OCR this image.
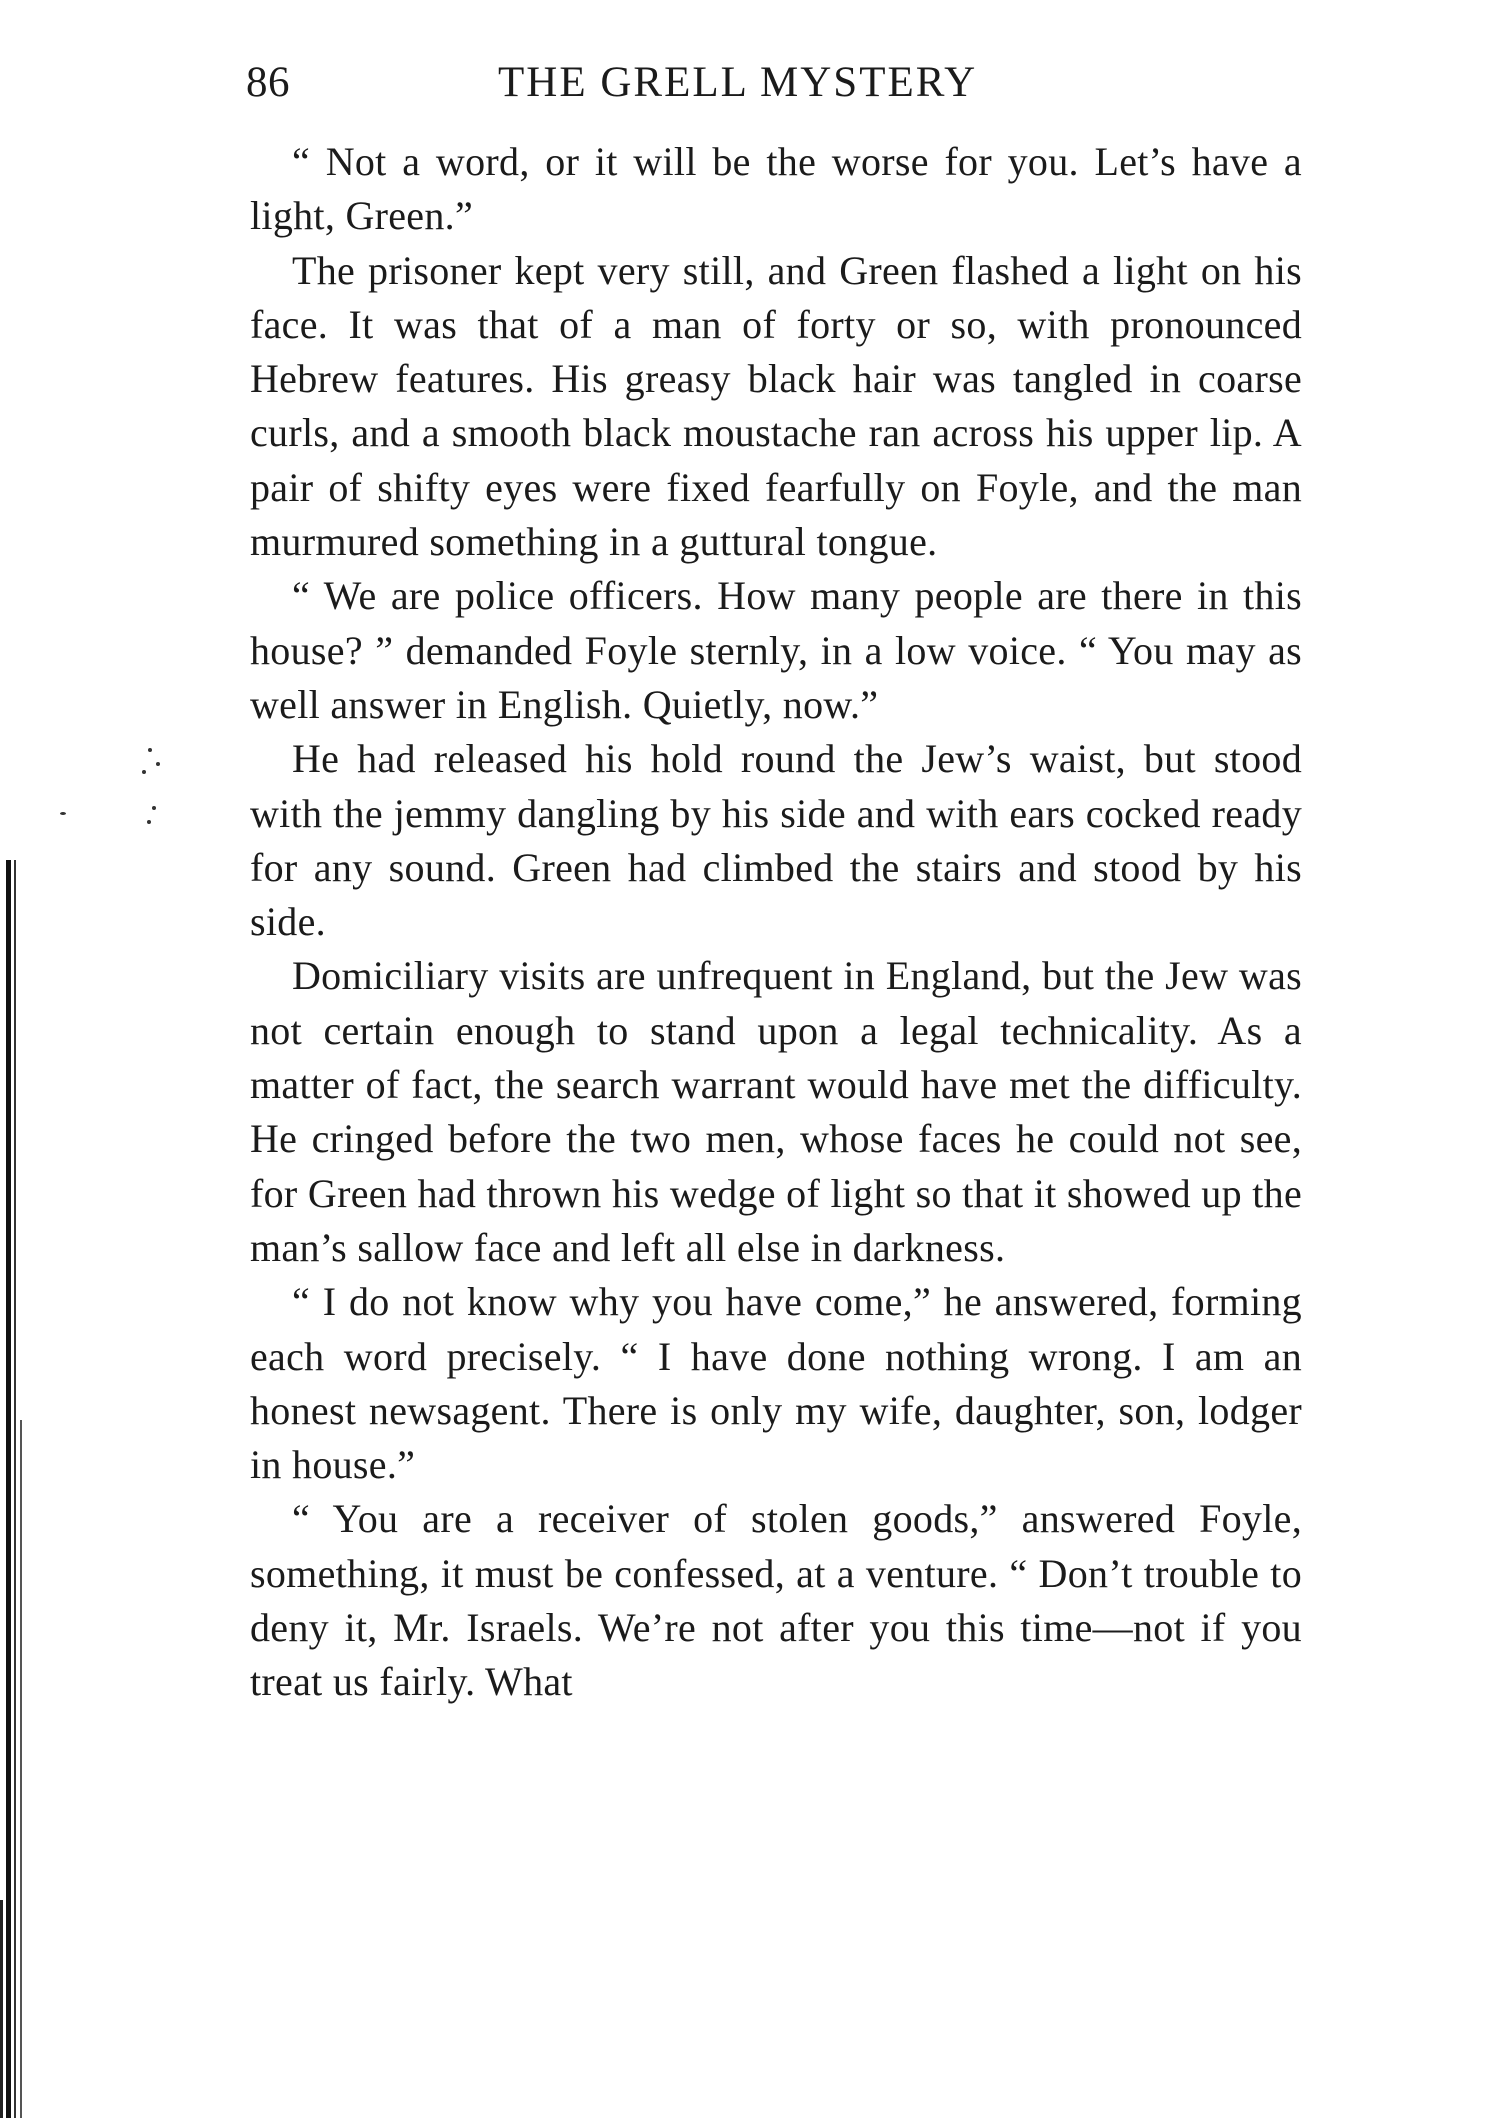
86	THE GRELL MYSTERY

“ Not a word, or it will be the worse for you. Let’s have a light, Green.”

The prisoner kept very still, and Green flashed a light on his face. It was that of a man of forty or so, with pronounced Hebrew features. His greasy black hair was tangled in coarse curls, and a smooth black moustache ran across his upper lip. A pair of shifty eyes were fixed fearfully on Foyle, and the man murmured something in a guttural tongue.

“ We are police officers. How many people are there in this house? ” demanded Foyle sternly, in a low voice. “ You may as well answer in English. Quietly, now.”

He had released his hold round the Jew’s waist, but stood with the jemmy dangling by his side and with ears cocked ready for any sound. Green had climbed the stairs and stood by his side.

Domiciliary visits are unfrequent in England, but the Jew was not certain enough to stand upon a legal technicality. As a matter of fact, the search warrant would have met the difficulty. He cringed before the two men, whose faces he could not see, for Green had thrown his wedge of light so that it showed up the man’s sallow face and left all else in darkness.

“ I do not know why you have come,” he answered, forming each word precisely. “ I have done nothing wrong. I am an honest newsagent. There is only my wife, daughter, son, lodger in house.”

“ You are a receiver of stolen goods,” answered Foyle, something, it must be confessed, at a venture. “ Don’t trouble to deny it, Mr. Israels. We’re not after you this time—not if you treat us fairly. What
